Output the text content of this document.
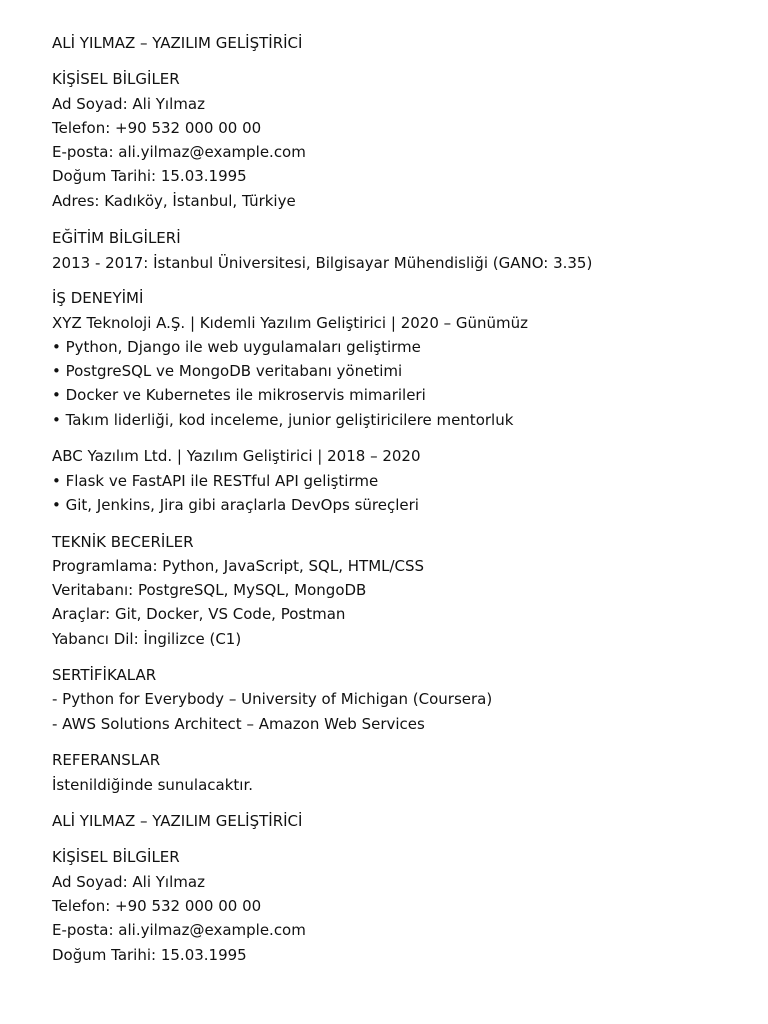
ALİ YILMAZ – YAZILIM GELİŞTİRİCİ
KİŞİSEL BİLGİLER
Ad Soyad: Ali Yılmaz
Telefon: +90 532 000 00 00
E-posta: ali.yilmaz@example.com
Doğum Tarihi: 15.03.1995
Adres: Kadıköy, İstanbul, Türkiye
EĞİTİM BİLGİLERİ
2013 - 2017: İstanbul Üniversitesi, Bilgisayar Mühendisliği (GANO: 3.35)
İŞ DENEYİMİ
XYZ Teknoloji A.Ş. | Kıdemli Yazılım Geliştirici | 2020 – Günümüz
• Python, Django ile web uygulamaları geliştirme
• PostgreSQL ve MongoDB veritabanı yönetimi
• Docker ve Kubernetes ile mikroservis mimarileri
• Takım liderliği, kod inceleme, junior geliştiricilere mentorluk
ABC Yazılım Ltd. | Yazılım Geliştirici | 2018 – 2020
• Flask ve FastAPI ile RESTful API geliştirme
• Git, Jenkins, Jira gibi araçlarla DevOps süreçleri
TEKNİK BECERİLER
Programlama: Python, JavaScript, SQL, HTML/CSS
Veritabanı: PostgreSQL, MySQL, MongoDB
Araçlar: Git, Docker, VS Code, Postman
Yabancı Dil: İngilizce (C1)
SERTİFİKALAR
- Python for Everybody – University of Michigan (Coursera)
- AWS Solutions Architect – Amazon Web Services
REFERANSLAR
İstenildiğinde sunulacaktır.
ALİ YILMAZ – YAZILIM GELİŞTİRİCİ
KİŞİSEL BİLGİLER
Ad Soyad: Ali Yılmaz
Telefon: +90 532 000 00 00
E-posta: ali.yilmaz@example.com
Doğum Tarihi: 15.03.1995
